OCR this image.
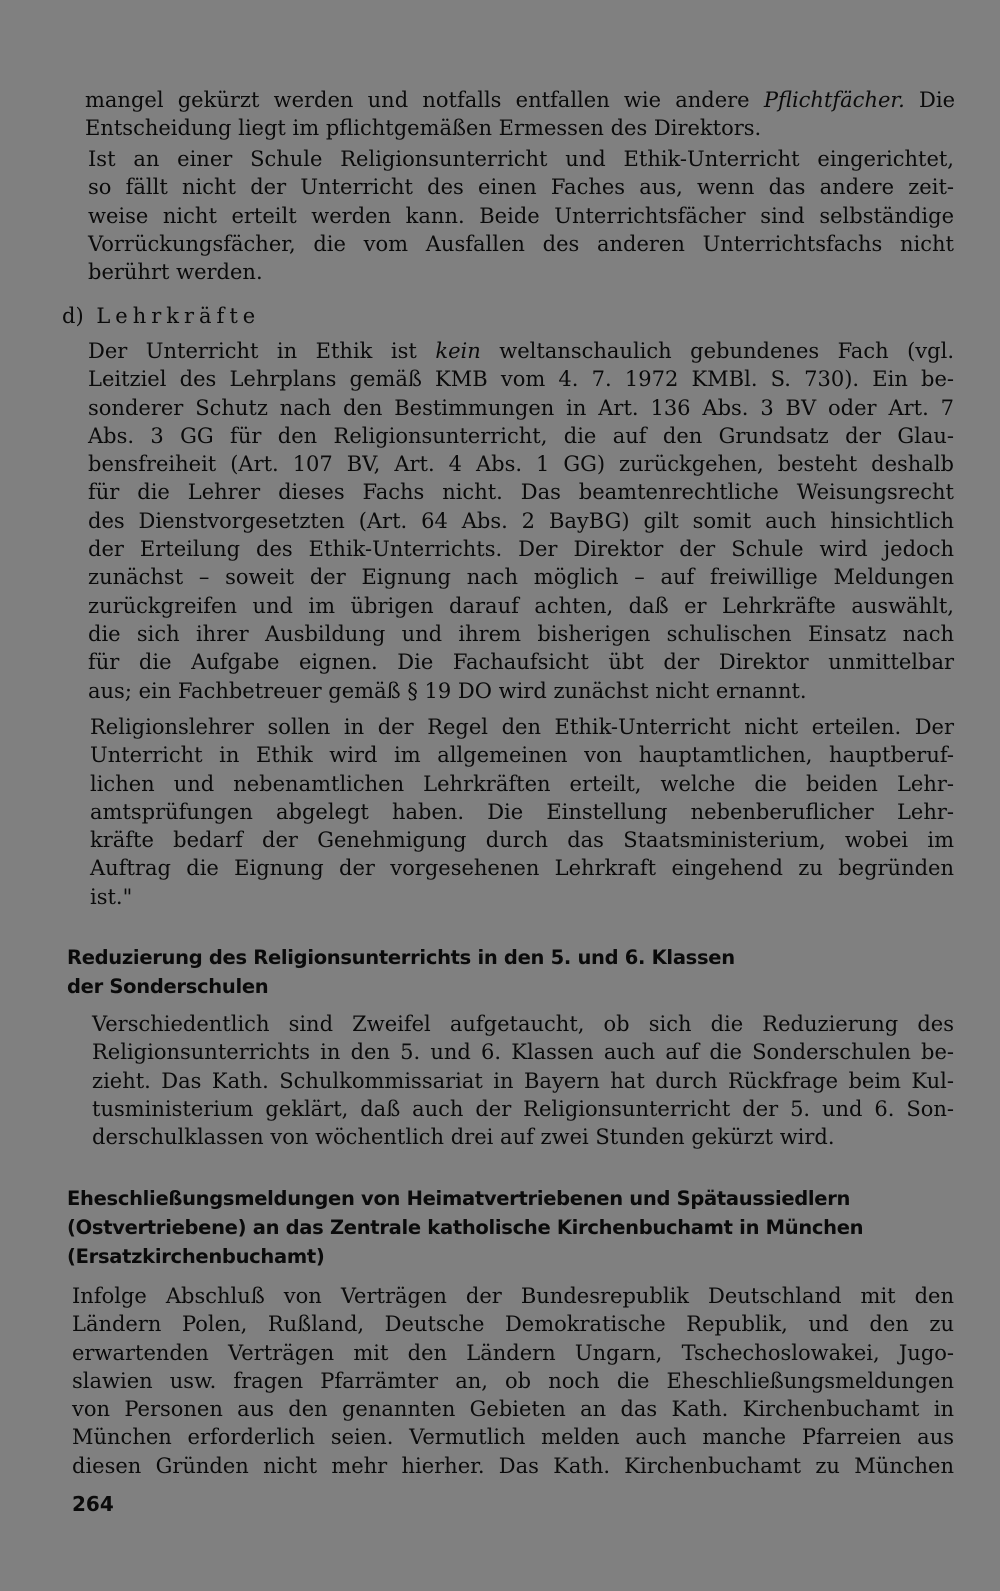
mangel gekürzt werden und notfalls entfallen wie andere Pflichtfächer. Die
Entscheidung liegt im pflichtgemäßen Ermessen des Direktors.
Ist an einer Schule Religionsunterricht und Ethik-Unterricht eingerichtet,
so fällt nicht der Unterricht des einen Faches aus, wenn das andere zeit-
weise nicht erteilt werden kann. Beide Unterrichtsfächer sind selbständige
Vorrückungsfächer, die vom Ausfallen des anderen Unterrichtsfachs nicht
berührt werden.
d) Lehrkräfte
Der Unterricht in Ethik ist kein weltanschaulich gebundenes Fach (vgl.
Leitziel des Lehrplans gemäß KMB vom 4. 7. 1972 KMBl. S. 730). Ein be-
sonderer Schutz nach den Bestimmungen in Art. 136 Abs. 3 BV oder Art. 7
Abs. 3 GG für den Religionsunterricht, die auf den Grundsatz der Glau-
bensfreiheit (Art. 107 BV, Art. 4 Abs. 1 GG) zurückgehen, besteht deshalb
für die Lehrer dieses Fachs nicht. Das beamtenrechtliche Weisungsrecht
des Dienstvorgesetzten (Art. 64 Abs. 2 BayBG) gilt somit auch hinsichtlich
der Erteilung des Ethik-Unterrichts. Der Direktor der Schule wird jedoch
zunächst – soweit der Eignung nach möglich – auf freiwillige Meldungen
zurückgreifen und im übrigen darauf achten, daß er Lehrkräfte auswählt,
die sich ihrer Ausbildung und ihrem bisherigen schulischen Einsatz nach
für die Aufgabe eignen. Die Fachaufsicht übt der Direktor unmittelbar
aus; ein Fachbetreuer gemäß § 19 DO wird zunächst nicht ernannt.
Religionslehrer sollen in der Regel den Ethik-Unterricht nicht erteilen. Der
Unterricht in Ethik wird im allgemeinen von hauptamtlichen, hauptberuf-
lichen und nebenamtlichen Lehrkräften erteilt, welche die beiden Lehr-
amtsprüfungen abgelegt haben. Die Einstellung nebenberuflicher Lehr-
kräfte bedarf der Genehmigung durch das Staatsministerium, wobei im
Auftrag die Eignung der vorgesehenen Lehrkraft eingehend zu begründen
ist."
Reduzierung des Religionsunterrichts in den 5. und 6. Klassen
der Sonderschulen
Verschiedentlich sind Zweifel aufgetaucht, ob sich die Reduzierung des
Religionsunterrichts in den 5. und 6. Klassen auch auf die Sonderschulen be-
zieht. Das Kath. Schulkommissariat in Bayern hat durch Rückfrage beim Kul-
tusministerium geklärt, daß auch der Religionsunterricht der 5. und 6. Son-
derschulklassen von wöchentlich drei auf zwei Stunden gekürzt wird.
Eheschließungsmeldungen von Heimatvertriebenen und Spätaussiedlern
(Ostvertriebene) an das Zentrale katholische Kirchenbuchamt in München
(Ersatzkirchenbuchamt)
Infolge Abschluß von Verträgen der Bundesrepublik Deutschland mit den
Ländern Polen, Rußland, Deutsche Demokratische Republik, und den zu
erwartenden Verträgen mit den Ländern Ungarn, Tschechoslowakei, Jugo-
slawien usw. fragen Pfarrämter an, ob noch die Eheschließungsmeldungen
von Personen aus den genannten Gebieten an das Kath. Kirchenbuchamt in
München erforderlich seien. Vermutlich melden auch manche Pfarreien aus
diesen Gründen nicht mehr hierher. Das Kath. Kirchenbuchamt zu München
264
